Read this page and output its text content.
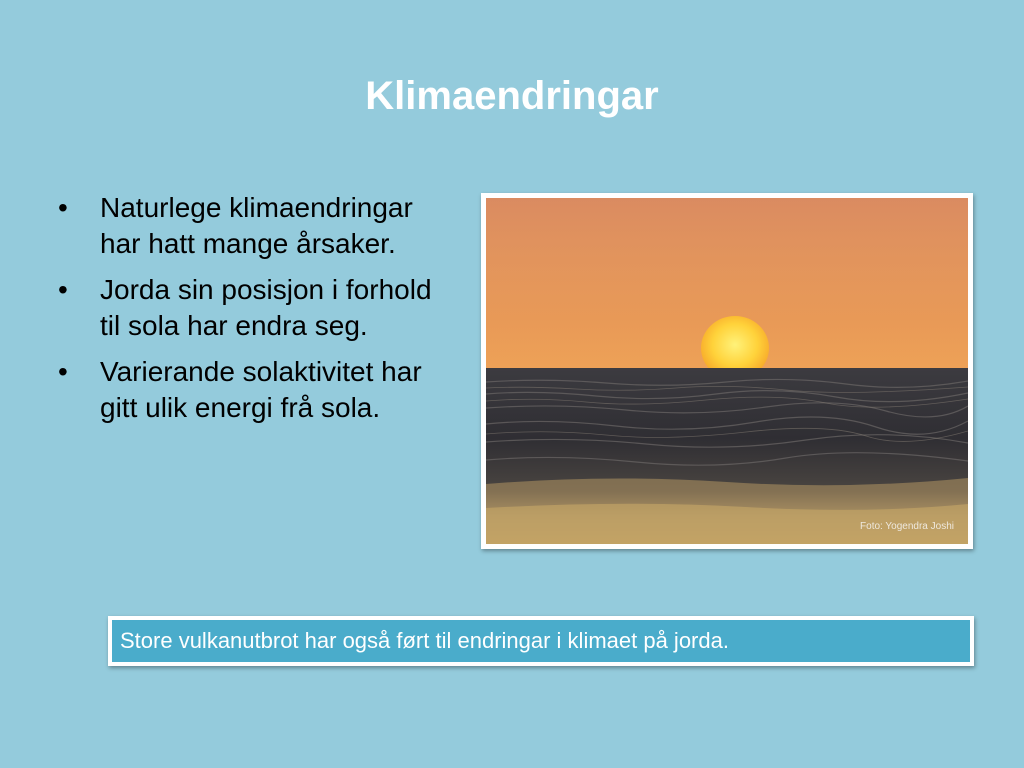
Klimaendringar
•	Naturlege klimaendringar har hatt mange årsaker.
•	Jorda sin posisjon i forhold til sola har endra seg.
•	Varierande solaktivitet har gitt ulik energi frå sola.
Foto: Yogendra Joshi
Store vulkanutbrot har også ført til endringar i klimaet på jorda.
